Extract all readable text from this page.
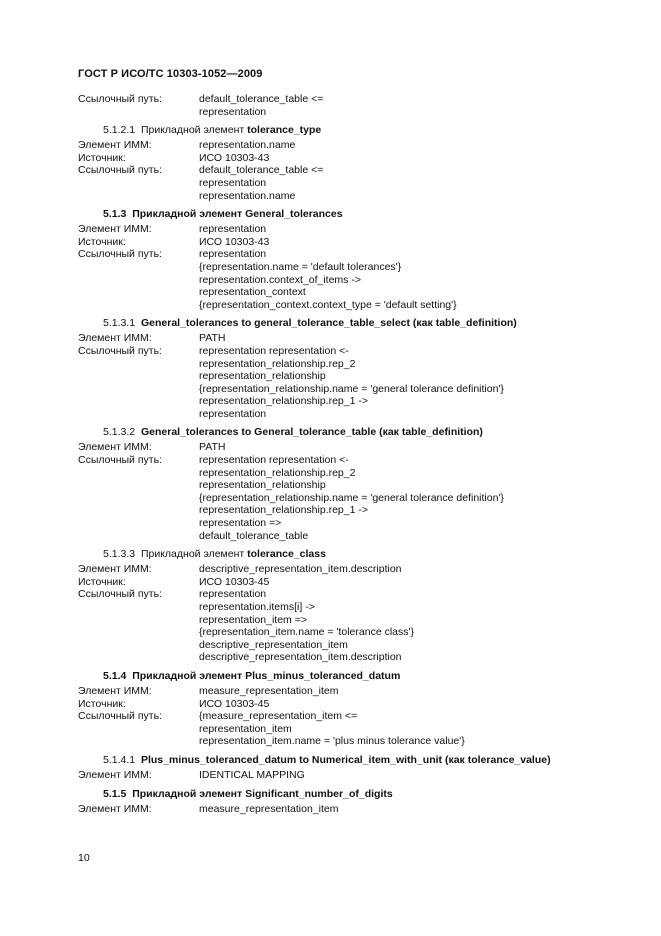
ГОСТ Р ИСО/ТС 10303-1052—2009
Ссылочный путь:	default_tolerance_table <=
representation
5.1.2.1 Прикладной элемент tolerance_type
Элемент ИММ:	representation.name
Источник:	ИСО 10303-43
Ссылочный путь:	default_tolerance_table <=
representation
representation.name
5.1.3 Прикладной элемент General_tolerances
Элемент ИММ:	representation
Источник:	ИСО 10303-43
Ссылочный путь:	representation
{representation.name = 'default tolerances'}
representation.context_of_items ->
representation_context
{representation_context.context_type = 'default setting'}
5.1.3.1 General_tolerances to general_tolerance_table_select (как table_definition)
Элемент ИММ:	PATH
Ссылочный путь:	representation representation <-
representation_relationship.rep_2
representation_relationship
{representation_relationship.name = 'general tolerance definition'}
representation_relationship.rep_1 ->
representation
5.1.3.2 General_tolerances to General_tolerance_table (как table_definition)
Элемент ИММ:	PATH
Ссылочный путь:	representation representation <-
representation_relationship.rep_2
representation_relationship
{representation_relationship.name = 'general tolerance definition'}
representation_relationship.rep_1 ->
representation =>
default_tolerance_table
5.1.3.3 Прикладной элемент tolerance_class
Элемент ИММ:	descriptive_representation_item.description
Источник:	ИСО 10303-45
Ссылочный путь:	representation
representation.items[i] ->
representation_item =>
{representation_item.name = 'tolerance class'}
descriptive_representation_item
descriptive_representation_item.description
5.1.4 Прикладной элемент Plus_minus_toleranced_datum
Элемент ИММ:	measure_representation_item
Источник:	ИСО 10303-45
Ссылочный путь:	{measure_representation_item <=
representation_item
representation_item.name = 'plus minus tolerance value'}
5.1.4.1 Plus_minus_toleranced_datum to Numerical_item_with_unit (как tolerance_value)
Элемент ИММ:	IDENTICAL MAPPING
5.1.5 Прикладной элемент Significant_number_of_digits
Элемент ИММ:	measure_representation_item
10
